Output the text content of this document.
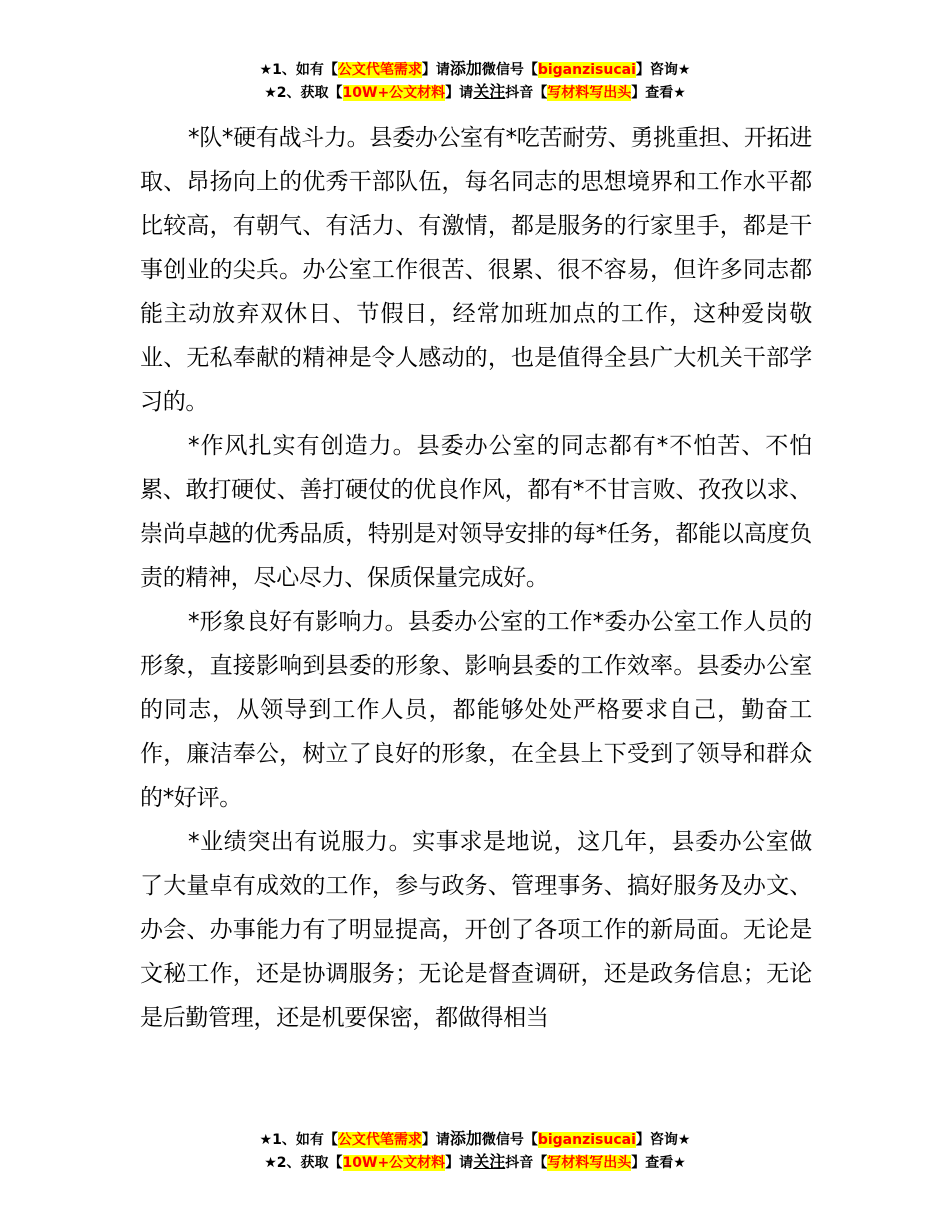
★1、如有【公文代笔需求】请添加微信号【biganzisucai】咨询★
★2、获取【10W+公文材料】请关注抖音【写材料写出头】查看★

*队*硬有战斗力。县委办公室有*吃苦耐劳、勇挑重担、开拓进取、昂扬向上的优秀干部队伍，每名同志的思想境界和工作水平都比较高，有朝气、有活力、有激情，都是服务的行家里手，都是干事创业的尖兵。办公室工作很苦、很累、很不容易，但许多同志都能主动放弃双休日、节假日，经常加班加点的工作，这种爱岗敬业、无私奉献的精神是令人感动的，也是值得全县广大机关干部学习的。

*作风扎实有创造力。县委办公室的同志都有*不怕苦、不怕累、敢打硬仗、善打硬仗的优良作风，都有*不甘言败、孜孜以求、崇尚卓越的优秀品质，特别是对领导安排的每*任务，都能以高度负责的精神，尽心尽力、保质保量完成好。

*形象良好有影响力。县委办公室的工作*委办公室工作人员的形象，直接影响到县委的形象、影响县委的工作效率。县委办公室的同志，从领导到工作人员，都能够处处严格要求自己，勤奋工作，廉洁奉公，树立了良好的形象，在全县上下受到了领导和群众的*好评。

*业绩突出有说服力。实事求是地说，这几年，县委办公室做了大量卓有成效的工作，参与政务、管理事务、搞好服务及办文、办会、办事能力有了明显提高，开创了各项工作的新局面。无论是文秘工作，还是协调服务；无论是督查调研，还是政务信息；无论是后勤管理，还是机要保密，都做得相当

★1、如有【公文代笔需求】请添加微信号【biganzisucai】咨询★
★2、获取【10W+公文材料】请关注抖音【写材料写出头】查看★
